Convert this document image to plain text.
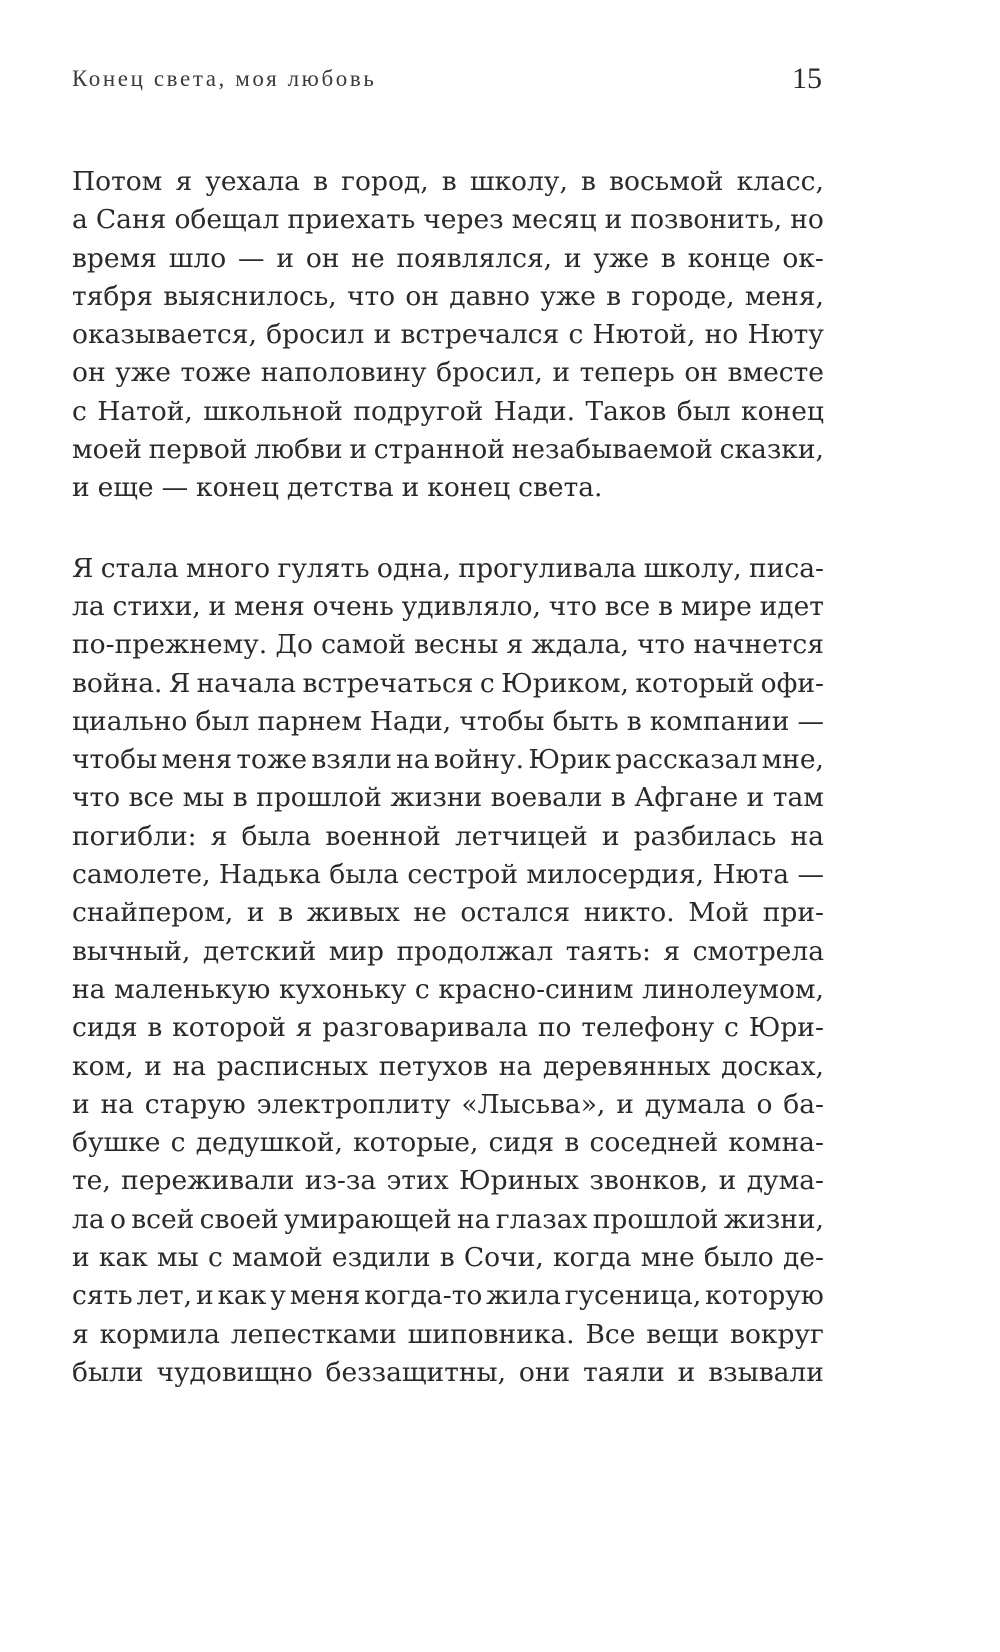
Конец света, моя любовь	15
Потом я уехала в город, в школу, в восьмой класс,
а Саня обещал приехать через месяц и позвонить, но
время шло — и он не появлялся, и уже в конце ок-
тября выяснилось, что он давно уже в городе, меня,
оказывается, бросил и встречался с Нютой, но Нюту
он уже тоже наполовину бросил, и теперь он вместе
с Натой, школьной подругой Нади. Таков был конец
моей первой любви и странной незабываемой сказки,
и еще — конец детства и конец света.
Я стала много гулять одна, прогуливала школу, писа-
ла стихи, и меня очень удивляло, что все в мире идет
по-прежнему. До самой весны я ждала, что начнется
война. Я начала встречаться с Юриком, который офи-
циально был парнем Нади, чтобы быть в компании —
чтобы меня тоже взяли на войну. Юрик рассказал мне,
что все мы в прошлой жизни воевали в Афгане и там
погибли: я была военной летчицей и разбилась на
самолете, Надька была сестрой милосердия, Нюта —
снайпером, и в живых не остался никто. Мой при-
вычный, детский мир продолжал таять: я смотрела
на маленькую кухоньку с красно-синим линолеумом,
сидя в которой я разговаривала по телефону с Юри-
ком, и на расписных петухов на деревянных досках,
и на старую электроплиту «Лысьва», и думала о ба-
бушке с дедушкой, которые, сидя в соседней комна-
те, переживали из-за этих Юриных звонков, и дума-
ла о всей своей умирающей на глазах прошлой жизни,
и как мы с мамой ездили в Сочи, когда мне было де-
сять лет, и как у меня когда-то жила гусеница, которую
я кормила лепестками шиповника. Все вещи вокруг
были чудовищно беззащитны, они таяли и взывали
